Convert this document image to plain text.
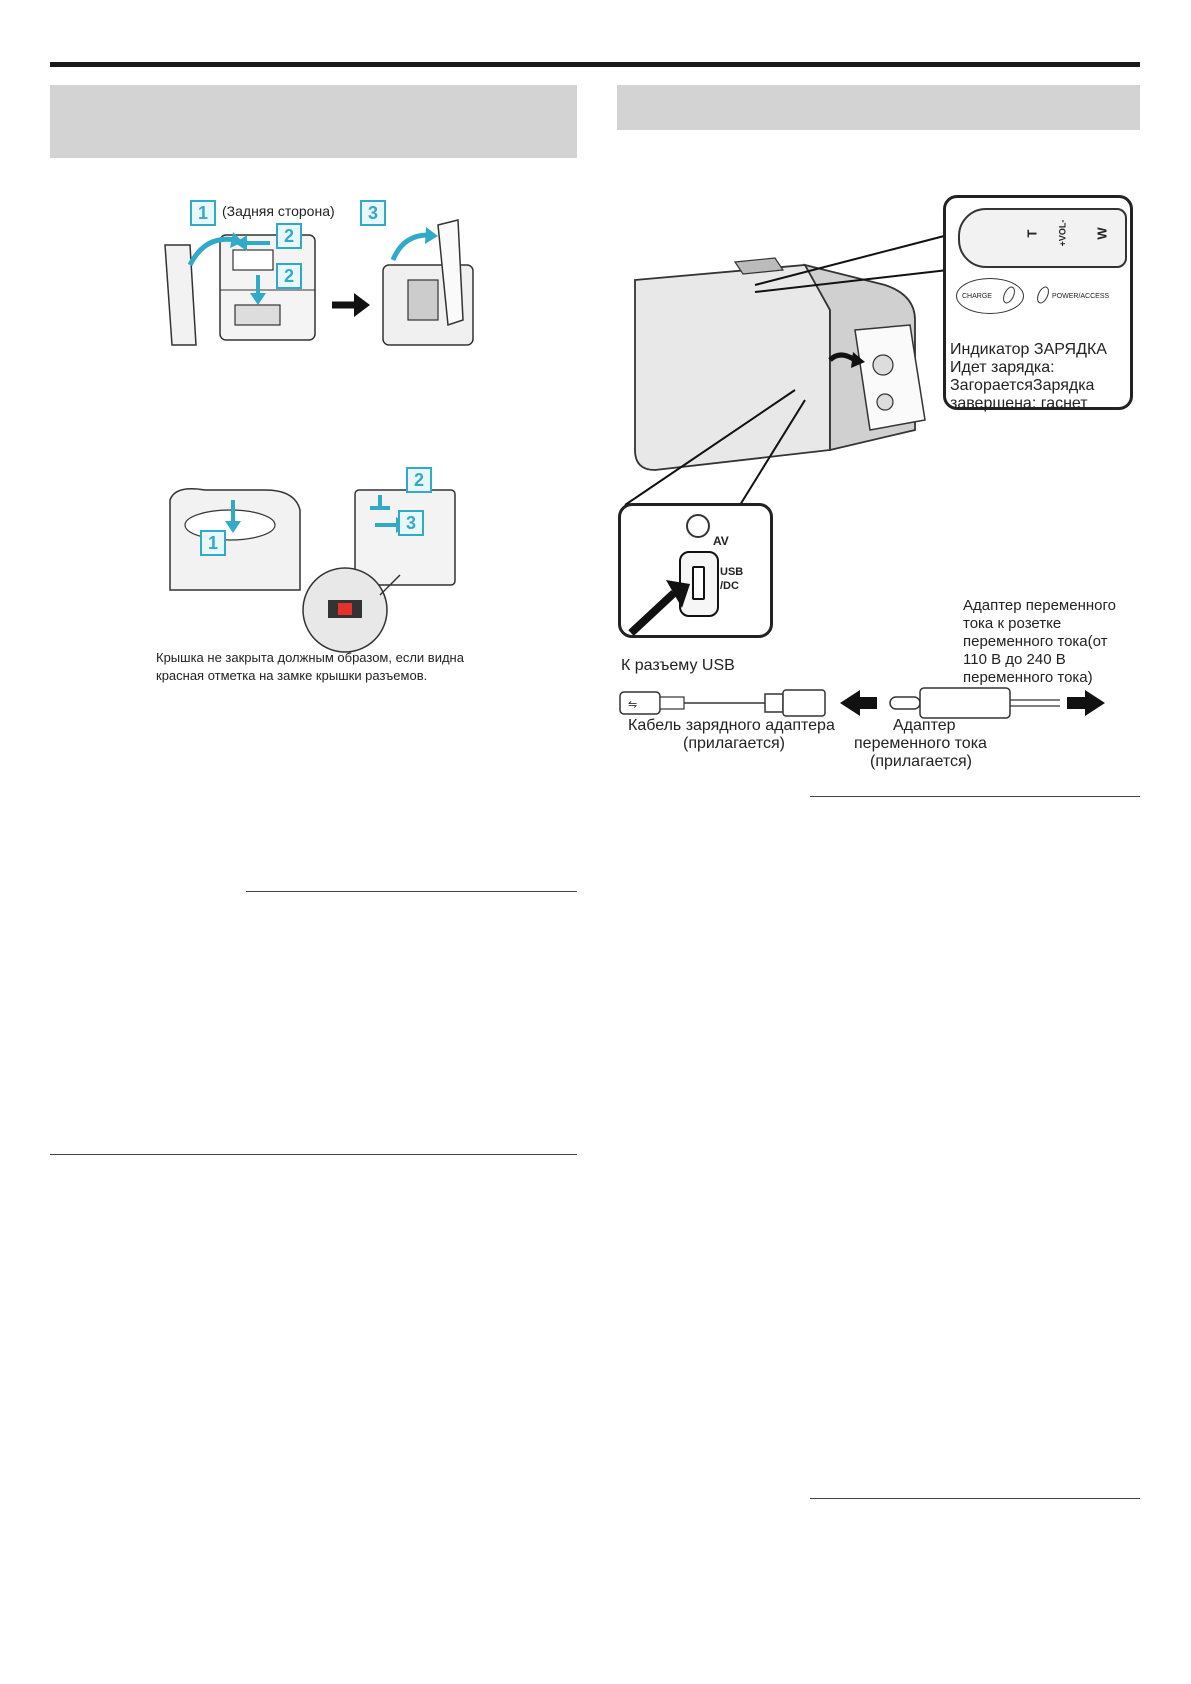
1
2
2
3
(Задняя сторона)
1
2
3
Крышка не закрыта должным образом, если видна
красная отметка на замке крышки разъемов.
T +VOL- W
CHARGE	POWER/ACCESS
Индикатор ЗАРЯДКА
Идет зарядка:
ЗагораетсяЗарядка
завершена: гаснет
AV
USB
/DC
К разъему USB
Адаптер переменного
тока к розетке
переменного тока(от
110 В до 240 В
переменного тока)
⇋
Кабель зарядного адаптера
(прилагается)
Адаптер
переменного тока
(прилагается)
